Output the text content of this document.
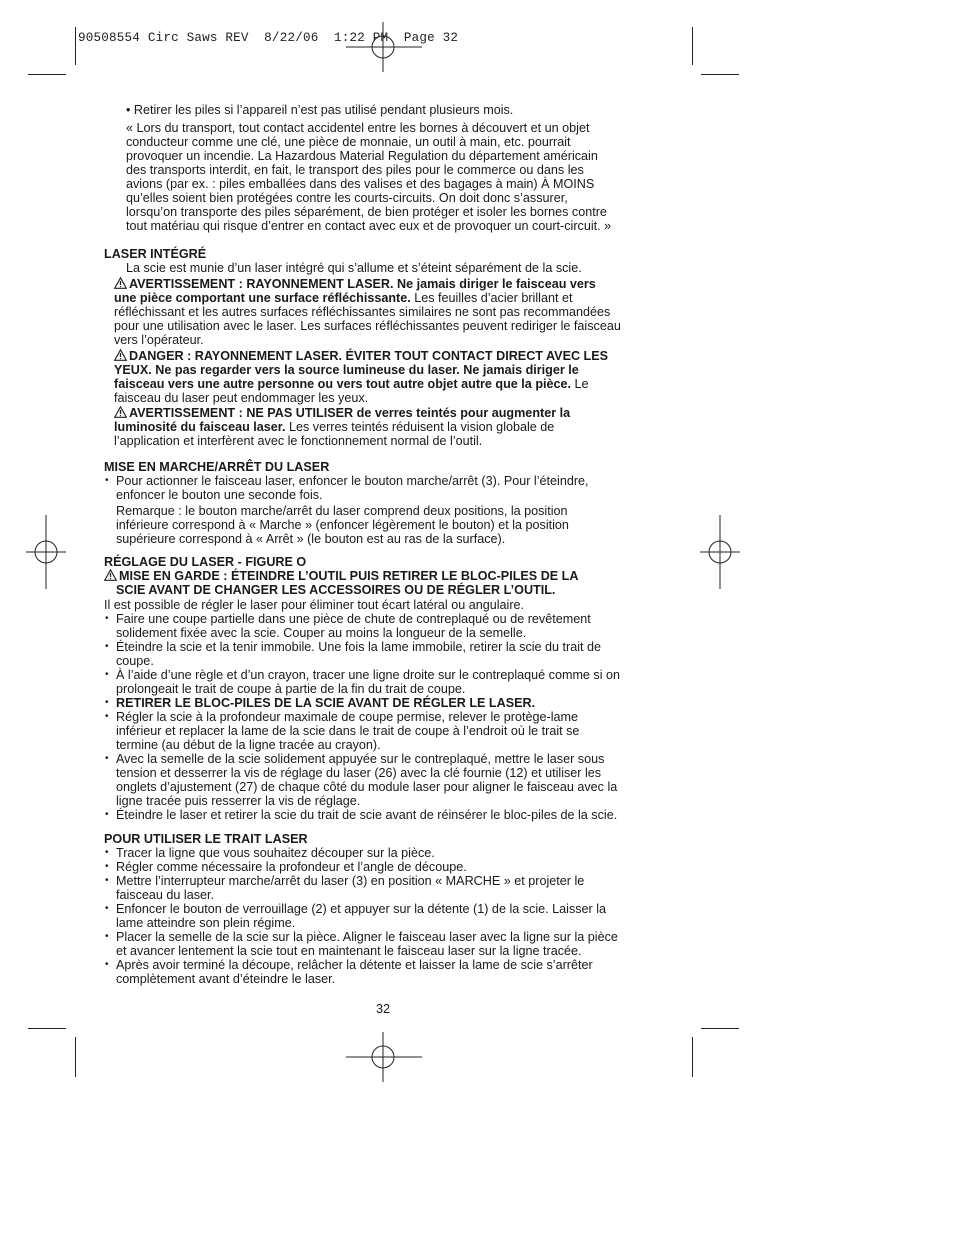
90508554 Circ Saws REV  8/22/06  1:22 PM  Page 32

• Retirer les piles si l’appareil n’est pas utilisé pendant plusieurs mois.

« Lors du transport, tout contact accidentel entre les bornes à découvert et un objet

conducteur comme une clé, une pièce de monnaie, un outil à main, etc. pourrait

provoquer un incendie. La Hazardous Material Regulation du département américain

des transports interdit, en fait, le transport des piles pour le commerce ou dans les

avions (par ex. : piles emballées dans des valises et des bagages à main) À MOINS

qu’elles soient bien protégées contre les courts-circuits. On doit donc s’assurer,

lorsqu’on transporte des piles séparément, de bien protéger et isoler les bornes contre

tout matériau qui risque d’entrer en contact avec eux et de provoquer un court-circuit. »

LASER INTÉGRÉ

La scie est munie d’un laser intégré qui s’allume et s’éteint séparément de la scie.

AVERTISSEMENT : RAYONNEMENT LASER. Ne jamais diriger le faisceau vers

une pièce comportant une surface réfléchissante. Les feuilles d’acier brillant et

réfléchissant et les autres surfaces réfléchissantes similaires ne sont pas recommandées

pour une utilisation avec le laser. Les surfaces réfléchissantes peuvent rediriger le faisceau

vers l’opérateur.

DANGER : RAYONNEMENT LASER. ÉVITER TOUT CONTACT DIRECT AVEC LES

YEUX. Ne pas regarder vers la source lumineuse du laser. Ne jamais diriger le

faisceau vers une autre personne ou vers tout autre objet autre que la pièce. Le

faisceau du laser peut endommager les yeux.

AVERTISSEMENT : NE PAS UTILISER de verres teintés pour augmenter la

luminosité du faisceau laser. Les verres teintés réduisent la vision globale de

l’application et interfèrent avec le fonctionnement normal de l’outil.

MISE EN MARCHE/ARRÊT DU LASER

• Pour actionner le faisceau laser, enfoncer le bouton marche/arrêt (3). Pour l’éteindre,

enfoncer le bouton une seconde fois.

Remarque : le bouton marche/arrêt du laser comprend deux positions, la position

inférieure correspond à « Marche » (enfoncer légèrement le bouton) et la position

supérieure correspond à « Arrêt » (le bouton est au ras de la surface).

RÉGLAGE DU LASER - FIGURE O

MISE EN GARDE : ÉTEINDRE L’OUTIL PUIS RETIRER LE BLOC-PILES DE LA

SCIE AVANT DE CHANGER LES ACCESSOIRES OU DE RÉGLER L’OUTIL.

Il est possible de régler le laser pour éliminer tout écart latéral ou angulaire.

• Faire une coupe partielle dans une pièce de chute de contreplaqué ou de revêtement

solidement fixée avec la scie. Couper au moins la longueur de la semelle.

• Éteindre la scie et la tenir immobile. Une fois la lame immobile, retirer la scie du trait de

coupe.

• À l’aide d’une règle et d’un crayon, tracer une ligne droite sur le contreplaqué comme si on

prolongeait le trait de coupe à partie de la fin du trait de coupe.

• RETIRER LE BLOC-PILES DE LA SCIE AVANT DE RÉGLER LE LASER.

• Régler la scie à la profondeur maximale de coupe permise, relever le protège-lame

inférieur et replacer la lame de la scie dans le trait de coupe à l’endroit où le trait se

termine (au début de la ligne tracée au crayon).

• Avec la semelle de la scie solidement appuyée sur le contreplaqué, mettre le laser sous

tension et desserrer la vis de réglage du laser (26) avec la clé fournie (12) et utiliser les

onglets d’ajustement (27) de chaque côté du module laser pour aligner le faisceau avec la

ligne tracée puis resserrer la vis de réglage.

• Éteindre le laser et retirer la scie du trait de scie avant de réinsérer le bloc-piles de la scie.

POUR UTILISER LE TRAIT LASER

• Tracer la ligne que vous souhaitez découper sur la pièce.

• Régler comme nécessaire la profondeur et l’angle de découpe.

• Mettre l’interrupteur marche/arrêt du laser (3) en position « MARCHE » et projeter le

faisceau du laser.

• Enfoncer le bouton de verrouillage (2) et appuyer sur la détente (1) de la scie. Laisser la

lame atteindre son plein régime.

• Placer la semelle de la scie sur la pièce. Aligner le faisceau laser avec la ligne sur la pièce

et avancer lentement la scie tout en maintenant le faisceau laser sur la ligne tracée.

• Après avoir terminé la découpe, relâcher la détente et laisser la lame de scie s’arrêter

complètement avant d’éteindre le laser.

32
